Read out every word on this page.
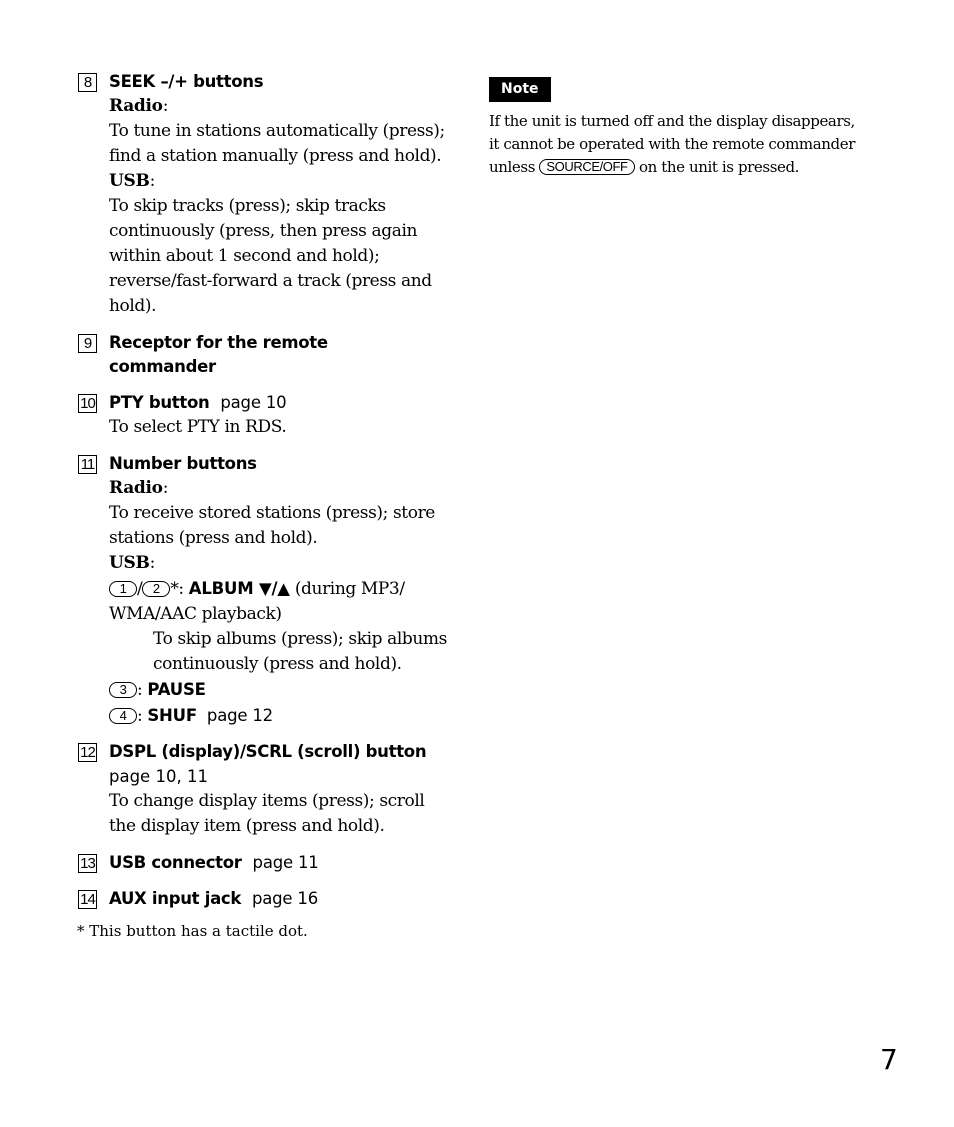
8	SEEK –/+ buttons
Radio:
To tune in stations automatically (press); find a station manually (press and hold).
USB:
To skip tracks (press); skip tracks continuously (press, then press again within about 1 second and hold); reverse/fast-forward a track (press and hold).
9	Receptor for the remote commander
10 PTY button page 10
To select PTY in RDS.
11 Number buttons
Radio:
To receive stored stations (press); store stations (press and hold).
USB:
1 / 2 *: ALBUM ▼/▲ (during MP3/ WMA/AAC playback)
To skip albums (press); skip albums continuously (press and hold).
3 : PAUSE
4 : SHUF page 12
12 DSPL (display)/SCRL (scroll) button
page 10, 11
To change display items (press); scroll the display item (press and hold).
13 USB connector page 11
14 AUX input jack page 16
* This button has a tactile dot.
Note
If the unit is turned off and the display disappears, it cannot be operated with the remote commander unless SOURCE/OFF on the unit is pressed.
7
